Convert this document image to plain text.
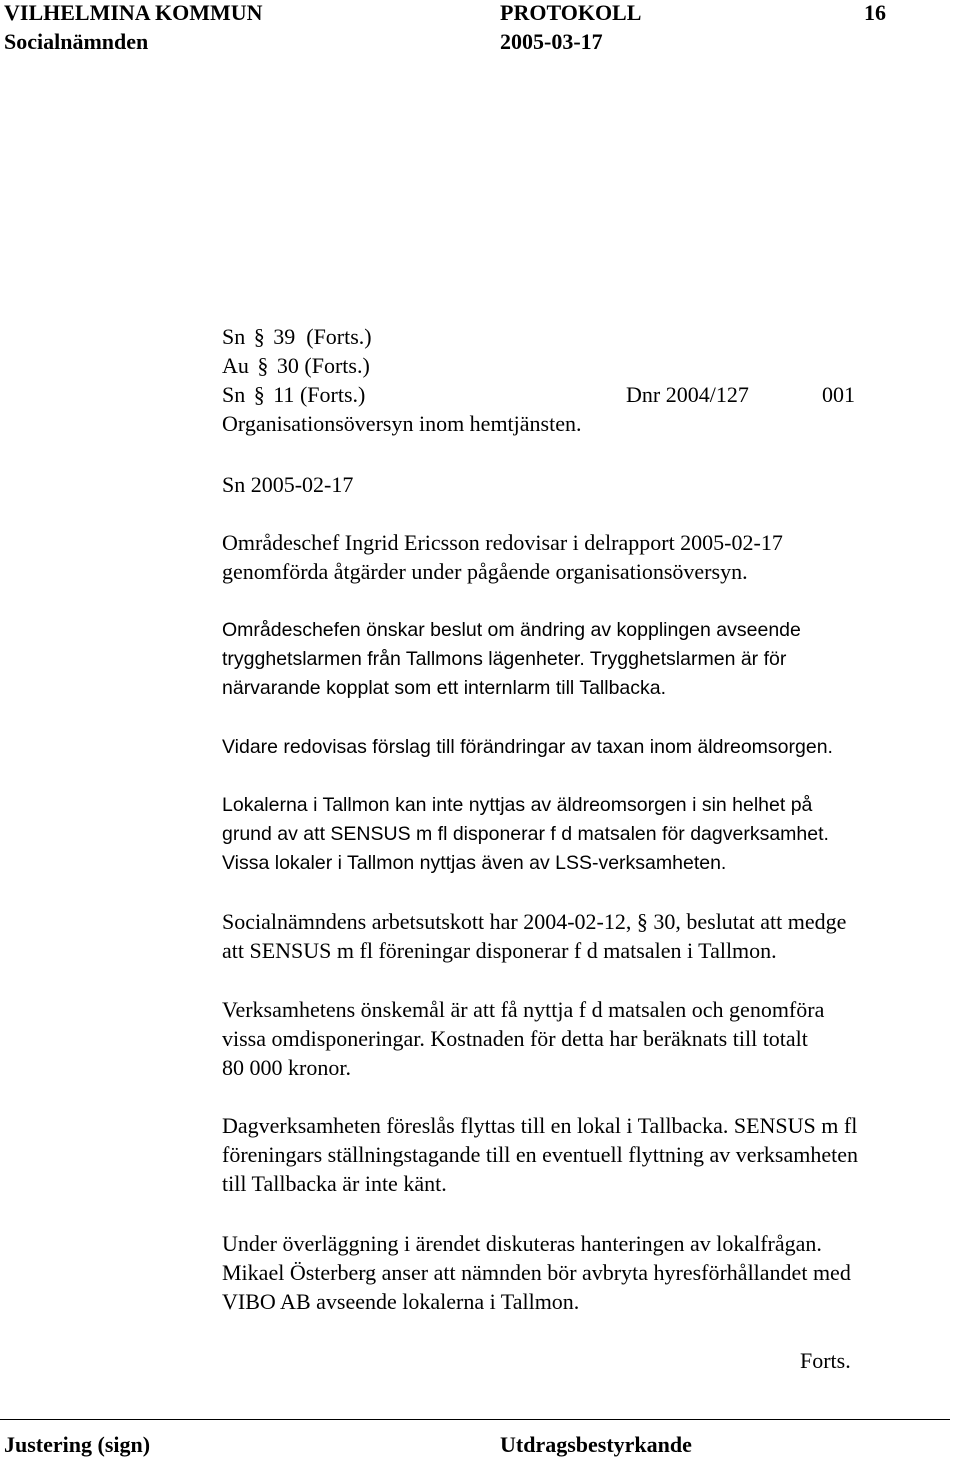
VILHELMINA KOMMUN	PROTOKOLL	16
Socialnämnden	2005-03-17
Sn § 39 (Forts.)
Au § 30 (Forts.)
Sn § 11 (Forts.)	Dnr 2004/127	001
Organisationsöversyn inom hemtjänsten.
Sn 2005-02-17

Områdeschef Ingrid Ericsson redovisar i delrapport 2005-02-17

genomförda åtgärder under pågående organisationsöversyn.

Områdeschefen önskar beslut om ändring av kopplingen avseende

trygghetslarmen från Tallmons lägenheter. Trygghetslarmen är för

närvarande kopplat som ett internlarm till Tallbacka.

Vidare redovisas förslag till förändringar av taxan inom äldreomsorgen.

Lokalerna i Tallmon kan inte nyttjas av äldreomsorgen i sin helhet på

grund av att SENSUS m fl disponerar f d matsalen för dagverksamhet.

Vissa lokaler i Tallmon nyttjas även av LSS-verksamheten.

Socialnämndens arbetsutskott har 2004-02-12, § 30, beslutat att medge

att SENSUS m fl föreningar disponerar f d matsalen i Tallmon.

Verksamhetens önskemål är att få nyttja f d matsalen och genomföra

vissa omdisponeringar. Kostnaden för detta har beräknats till totalt

80 000 kronor.

Dagverksamheten föreslås flyttas till en lokal i Tallbacka. SENSUS m fl

föreningars ställningstagande till en eventuell flyttning av verksamheten

till Tallbacka är inte känt.

Under överläggning i ärendet diskuteras hanteringen av lokalfrågan.

Mikael Österberg anser att nämnden bör avbryta hyresförhållandet med

VIBO AB avseende lokalerna i Tallmon.

Forts.
Justering (sign)	Utdragsbestyrkande
